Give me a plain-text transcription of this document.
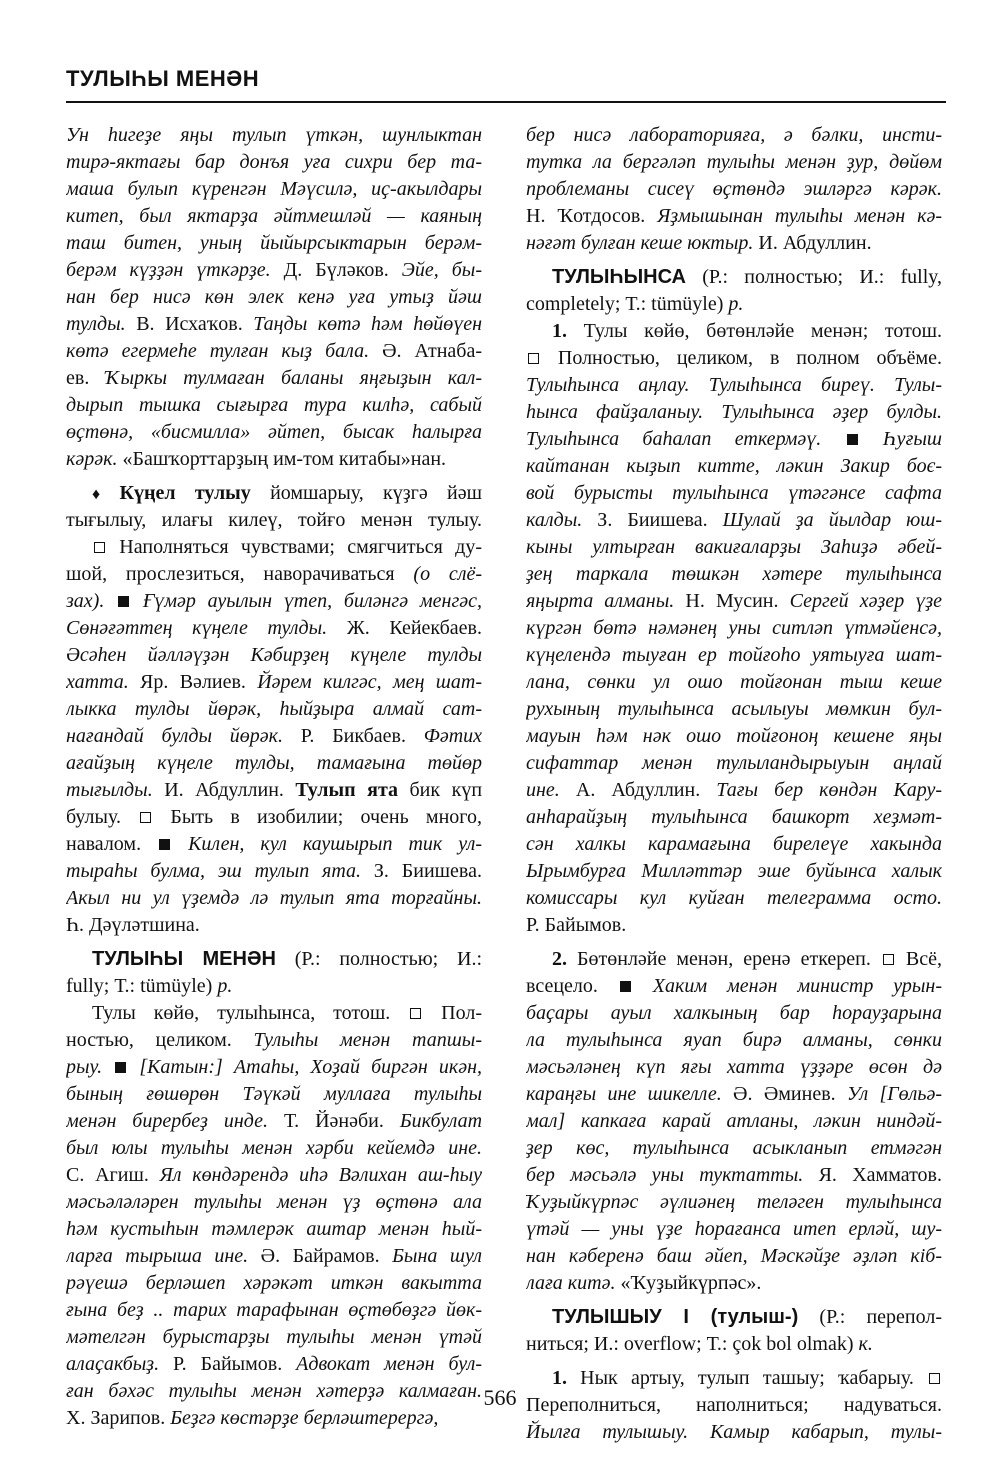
ТУЛЫҺЫ МЕНӘН
Ун һигеҙе яңы тулып үткән, шунлыктан
тирә-яктағы бар донъя уға сихри бер та-
маша булып күренгән Мәүсилә, иҫ-акылдары
китеп, был яктарҙа әйтмешләй — каяның
таш битен, уның йыйырсыктарын берәм-
берәм күҙҙән үткәрҙе. Д. Бүләков. Эйе, бы-
нан бер нисә көн элек кенә уға утыҙ йәш
тулды. В. Исхаҡов. Таңды көтә һәм һөйөүен
көтә егермеһе тулған кыҙ бала. Ә. Атнаба-
ев. Ҡыркы тулмаған баланы яңғыҙын кал-
дырып тышка сығырға тура килһә, сабый
өҫтөнә, «бисмилла» әйтеп, бысак һалырға
кәрәк. «Башҡорттарҙың им-том китабы»нан.
♦ Күңел тулыу йомшарыу, күҙгә йәш
тығылыу, илағы килеү, тойғо менән тулыу.
Наполняться чувствами; смягчиться ду-
шой, прослезиться, наворачиваться (о слё-
зах). Ғүмәр ауылын үтеп, биләнгә менгәс,
Сөнәғәттең күңеле тулды. Ж. Кейекбаев.
Әсәһен йәлләүҙән Кәбирҙең күңеле тулды
хатта. Яр. Вәлиев. Йәрем килгәс, мең шат-
лыкка тулды йөрәк, һыйҙыра алмай сат-
нағандай булды йөрәк. Р. Бикбаев. Фәтих
ағайҙың күңеле тулды, тамағына төйөр
тығылды. И. Абдуллин. Тулып ята бик күп
булыу.  Быть в изобилии; очень много,
навалом.  Килен, кул каушырып тик ул-
тыраһы булма, эш тулып ята. З. Биишева.
Акыл ни ул үҙемдә лә тулып ята торғайны.
Һ. Дәүләтшина.
ТУЛЫҺЫ МЕНӘН (Р.: полностью; И.:
fully; Т.: tümüyle) р.
Тулы көйө, тулыһынса, тотош.  Пол-
ностью, целиком. Тулыһы менән тапшы-
рыу. [Катын:] Атаһы, Хоҙай биргән икән,
бының ғөшөрөн Тәүкәй муллаға тулыһы
менән бирербеҙ инде. Т. Йәнәби. Бикбулат
был юлы тулыһы менән хәрби кейемдә ине.
С. Агиш. Ял көндәрендә иһә Вәлихан аш-һыу
мәсьәләләрен тулыһы менән үҙ өҫтөнә ала
һәм кустыһын тәмлерәк аштар менән һый-
ларға тырыша ине. Ә. Байрамов. Бына шул
рәүешә берләшеп хәрәкәт иткән вакытта
ғына беҙ .. тарих тарафынан өҫтөбөҙгә йөк-
мәтелгән бурыстарҙы тулыһы менән үтәй
алаҫакбыҙ. Р. Байымов. Адвокат менән бул-
ған бәхәс тулыһы менән хәтерҙә калмаған.
Х. Зарипов. Беҙгә көстәрҙе берләштерергә,
бер нисә лабораторияға, ә бәлки, инсти-
тутка ла бергәләп тулыһы менән ҙур, дөйөм
проблеманы сисеү өҫтөндә эшләргә кәрәк.
Н. Ҡотдосов. Яҙмышынан тулыһы менән кә-
нәғәт булған кеше юктыр. И. Абдуллин.
ТУЛЫҺЫНСА (Р.: полностью; И.: fully,
completely; Т.: tümüyle) р.
1. Тулы көйө, бөтөнләйе менән; тотош.
Полностью, целиком, в полном объёме.
Тулыһынса аңлау. Тулыһынса биреү. Тулы-
һынса файҙаланыу. Тулыһынса әҙер булды.
Тулыһынса баһалап еткермәү.	Һуғыш
кайтанан кыҙып китте, ләкин Закир боє-
вой бурысты тулыһынса үтәгәнсе сафта
калды. З. Биишева. Шулай ҙа йылдар юш-
кыны ултырған вакиғаларҙы Заһиҙә әбей-
ҙең таркала төшкән хәтере тулыһынса
яңырта алманы. Н. Мусин. Сергей хәҙер үҙе
күргән бөтә нәмәнең уны ситләп үтмәйенсә,
күңелендә тыуған ер тойғоһо уятыуға шат-
лана, сөнки ул ошо тойғонан тыш кеше
рухының тулыһынса асылыуы мөмкин бул-
мауын һәм нәк ошо тойғоноң кешене яңы
сифаттар менән тулыландырыуын аңлай
ине. А. Абдуллин. Тағы бер көндән Кару-
анһарайҙың тулыһынса башкорт хеҙмәт-
сән халкы карамағына бирелеүе хакында
Ырымбурға Милләттәр эше буйынса халык
комиссары кул куйған телеграмма осто.
Р. Байымов.
2. Бөтөнләйе менән, еренә еткереп.  Всё,
всецело.  Хаким менән министр урын-
баҫары ауыл халкының бар һорауҙарына
ла тулыһынса яуап бирә алманы, сөнки
мәсьәләнең күп яғы хатта үҙҙәре өсөн дә
караңғы ине шикелле. Ә. Әминев. Ул [Гөльә-
мал] капкаға карай атланы, ләкин ниндәй-
ҙер көс, тулыһынса асыкланып етмәгән
бер мәсьәлә уны туктатты. Я. Хамматов.
Ҡуҙыйкүрпәс әүлиәнең теләген тулыһынса
үтәй — уны үҙе һорағанса итеп ерләй, шу-
нан кәберенә баш әйеп, Мәскәйҙе әҙләп кіб-
лаға китә. «Ҡуҙыйкүрпәс».
ТУЛЫШЫУ I (тулыш-) (Р.: перепол-
ниться; И.: overflow; Т.: çok bol olmak) к.
1. Нык артыу, тулып ташыу; ҡабарыу.
Переполниться, наполниться; надуваться.
Йылға тулышыу. Камыр кабарып, тулы-
566
